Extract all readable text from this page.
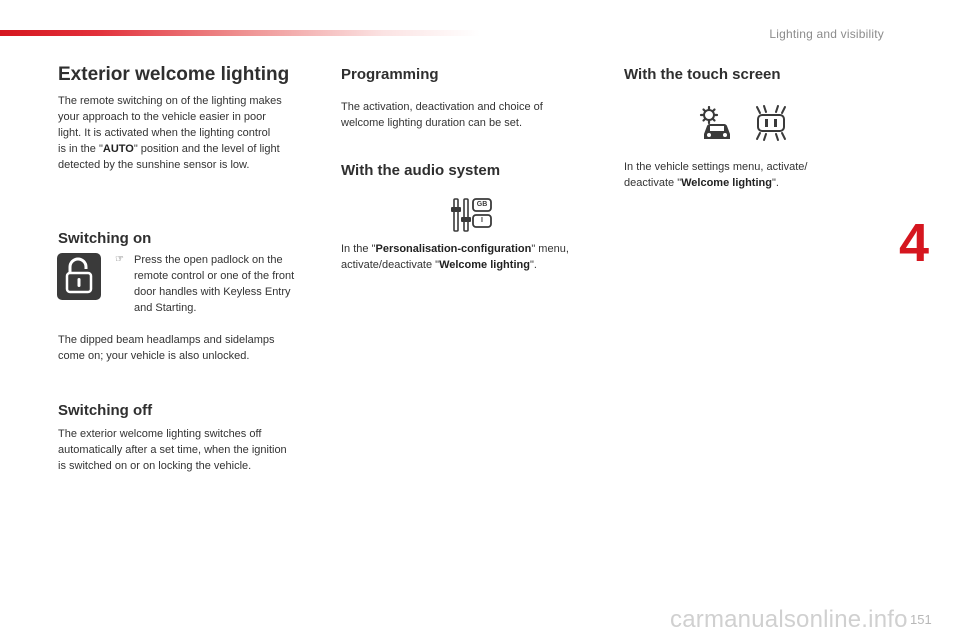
Lighting and visibility
4
Exterior welcome lighting
The remote switching on of the lighting makes
your approach to the vehicle easier in poor
light. It is activated when the lighting control
is in the "AUTO" position and the level of light
detected by the sunshine sensor is low.
Switching on
☞ Press the open padlock on the
remote control or one of the front
door handles with Keyless Entry
and Starting.
The dipped beam headlamps and sidelamps
come on; your vehicle is also unlocked.
Switching off
The exterior welcome lighting switches off
automatically after a set time, when the ignition
is switched on or on locking the vehicle.
Programming
The activation, deactivation and choice of
welcome lighting duration can be set.
With the audio system
GB
I
In the "Personalisation-configuration" menu,
activate/deactivate "Welcome lighting".
With the touch screen
In the vehicle settings menu, activate/
deactivate "Welcome lighting".
carmanualsonline.info 151
